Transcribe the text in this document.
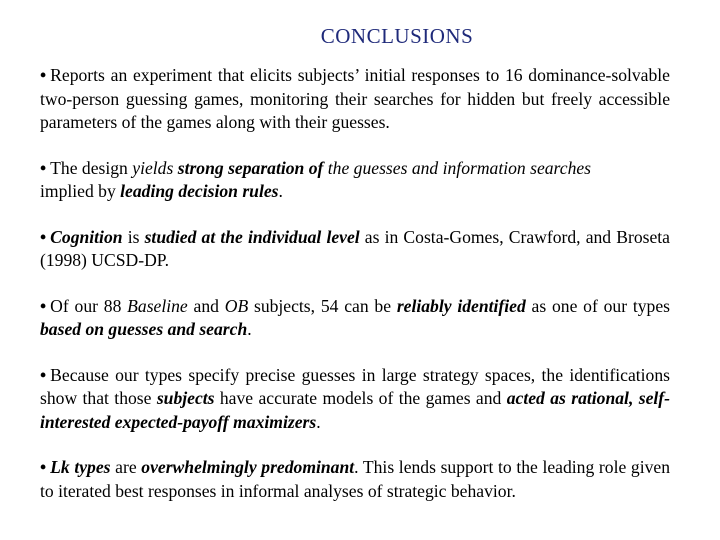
CONCLUSIONS
• Reports an experiment that elicits subjects’ initial responses to 16 dominance-solvable two-person guessing games, monitoring their searches for hidden but freely accessible parameters of the games along with their guesses.
• The design yields strong separation of the guesses and information searches
implied by leading decision rules.
• Cognition is studied at the individual level as in Costa-Gomes, Crawford, and Broseta (1998) UCSD-DP.
• Of our 88 Baseline and OB subjects, 54 can be reliably identified as one of our types based on guesses and search.
• Because our types specify precise guesses in large strategy spaces, the identifications show that those subjects have accurate models of the games and acted as rational, self-interested expected-payoff maximizers.
• Lk types are overwhelmingly predominant. This lends support to the leading role given to iterated best responses in informal analyses of strategic behavior.
